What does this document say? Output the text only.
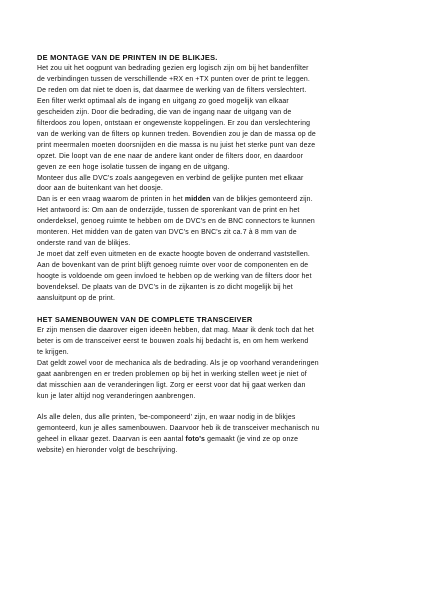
DE MONTAGE VAN DE PRINTEN IN DE BLIKJES.

Het zou uit het oogpunt van bedrading gezien erg logisch zijn om bij het bandenfilter
de verbindingen tussen de verschillende +RX en +TX punten over de print te leggen.
De reden om dat niet te doen is, dat daarmee de werking van de filters verslechtert.
Een filter werkt optimaal als de ingang en uitgang zo goed mogelijk van elkaar
gescheiden zijn. Door die bedrading, die van de ingang naar de uitgang van de
filterdoos zou lopen, ontstaan er ongewenste koppelingen. Er zou dan verslechtering
van de werking van de filters op kunnen treden. Bovendien zou je dan de massa op de
print meermalen moeten doorsnijden en die massa is nu juist het sterke punt van deze
opzet. Die loopt van de ene naar de andere kant onder de filters door, en daardoor
geven ze een hoge isolatie tussen de ingang en de uitgang.
Monteer dus alle DVC's zoals aangegeven en verbind de gelijke punten met elkaar
door aan de buitenkant van het doosje.
Dan is er een vraag waarom de printen in het midden van de blikjes gemonteerd zijn.
Het antwoord is: Om aan de onderzijde, tussen de sporenkant van de print en het
onderdeksel, genoeg ruimte te hebben om de DVC's en de BNC connectors te kunnen
monteren. Het midden van de gaten van DVC's en BNC's zit ca.7 à 8 mm van de
onderste rand van de blikjes.
Je moet dat zelf even uitmeten en de exacte hoogte boven de onderrand vaststellen.
Aan de bovenkant van de print blijft genoeg ruimte over voor de componenten en de
hoogte is voldoende om geen invloed te hebben op de werking van de filters door het
bovendeksel. De plaats van de DVC's in de zijkanten is zo dicht mogelijk bij het
aansluitpunt op de print.

HET SAMENBOUWEN VAN DE COMPLETE TRANSCEIVER

Er zijn mensen die daarover eigen ideeën hebben, dat mag. Maar ik denk toch dat het
beter is om de transceiver eerst te bouwen zoals hij bedacht is, en om hem werkend
te krijgen.
Dat geldt zowel voor de mechanica als de bedrading. Als je op voorhand veranderingen
gaat aanbrengen en er treden problemen op bij het in werking stellen weet je niet of
dat misschien aan de veranderingen ligt. Zorg er eerst voor dat hij gaat werken dan
kun je later altijd nog veranderingen aanbrengen.

Als alle delen, dus alle printen, 'be-componeerd' zijn, en waar nodig in de blikjes
gemonteerd, kun je alles samenbouwen. Daarvoor heb ik de transceiver mechanisch nu
geheel in elkaar gezet. Daarvan is een aantal foto's gemaakt (je vind ze op onze
website) en hieronder volgt de beschrijving.
